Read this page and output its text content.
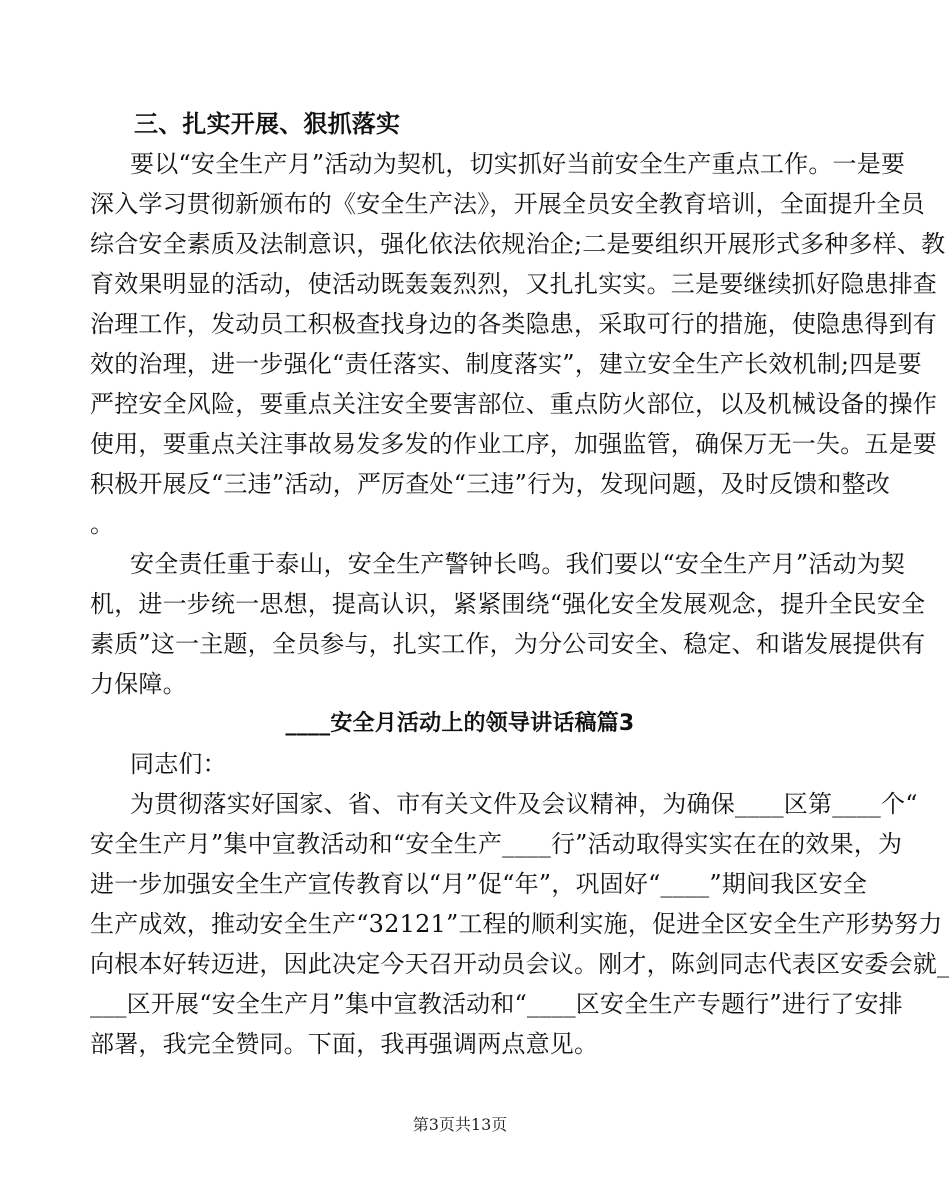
三、扎实开展、狠抓落实
要以“安全生产月”活动为契机，切实抓好当前安全生产重点工作。一是要
深入学习贯彻新颁布的《安全生产法》，开展全员安全教育培训，全面提升全员
综合安全素质及法制意识，强化依法依规治企;二是要组织开展形式多种多样、教
育效果明显的活动，使活动既轰轰烈烈，又扎扎实实。三是要继续抓好隐患排查
治理工作，发动员工积极查找身边的各类隐患，采取可行的措施，使隐患得到有
效的治理，进一步强化“责任落实、制度落实”，建立安全生产长效机制;四是要
严控安全风险，要重点关注安全要害部位、重点防火部位，以及机械设备的操作
使用，要重点关注事故易发多发的作业工序，加强监管，确保万无一失。五是要
积极开展反“三违”活动，严厉查处“三违”行为，发现问题，及时反馈和整改
。
安全责任重于泰山，安全生产警钟长鸣。我们要以“安全生产月”活动为契
机，进一步统一思想，提高认识，紧紧围绕“强化安全发展观念，提升全民安全
素质”这一主题，全员参与，扎实工作，为分公司安全、稳定、和谐发展提供有
力保障。
____安全月活动上的领导讲话稿篇3
同志们：
为贯彻落实好国家、省、市有关文件及会议精神，为确保____区第____个“
安全生产月”集中宣教活动和“安全生产____行”活动取得实实在在的效果，为
进一步加强安全生产宣传教育以“月”促“年”，巩固好“____”期间我区安全
生产成效，推动安全生产“32121”工程的顺利实施，促进全区安全生产形势努力
向根本好转迈进，因此决定今天召开动员会议。刚才，陈剑同志代表区安委会就_
___区开展“安全生产月”集中宣教活动和“____区安全生产专题行”进行了安排
部署，我完全赞同。下面，我再强调两点意见。
第3页共13页
